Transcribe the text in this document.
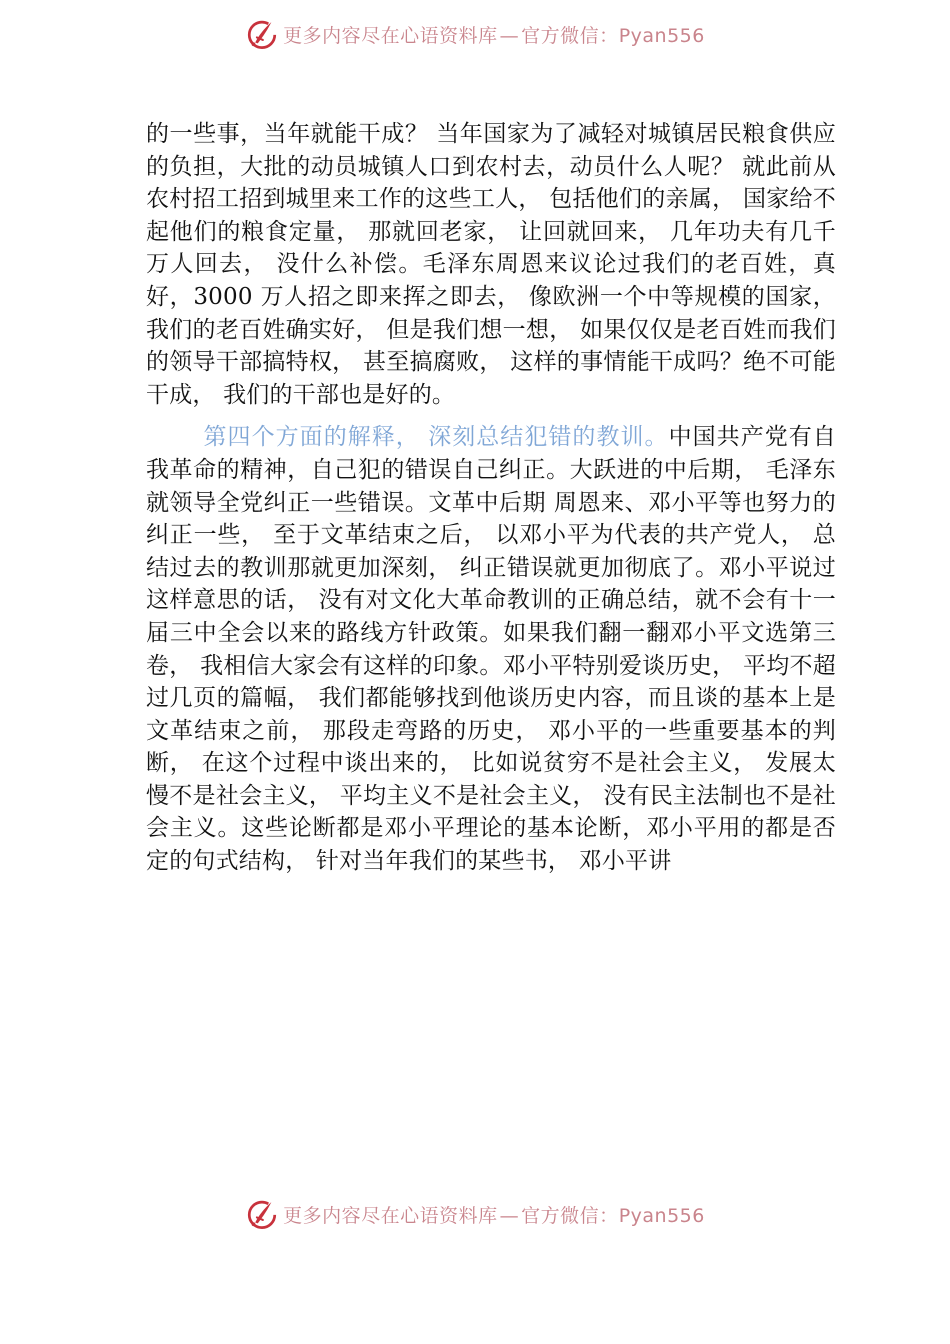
更多内容尽在心语资料库 — 官方微信：Pyan556

的一些事，当年就能干成？ 当年国家为了减轻对城镇居民粮食供应的负担，大批的动员城镇人口到农村去，动员什么人呢？ 就此前从农村招工招到城里来工作的这些工人， 包括他们的亲属， 国家给不起他们的粮食定量， 那就回老家， 让回就回来， 几年功夫有几千万人回去， 没什么补偿。毛泽东周恩来议论过我们的老百姓，真好，3000 万人招之即来挥之即去， 像欧洲一个中等规模的国家， 我们的老百姓确实好， 但是我们想一想， 如果仅仅是老百姓而我们的领导干部搞特权， 甚至搞腐败， 这样的事情能干成吗？绝不可能干成， 我们的干部也是好的。

第四个方面的解释， 深刻总结犯错的教训。中国共产党有自我革命的精神，自己犯的错误自己纠正。大跃进的中后期， 毛泽东就领导全党纠正一些错误。文革中后期 周恩来、邓小平等也努力的纠正一些， 至于文革结束之后， 以邓小平为代表的共产党人， 总结过去的教训那就更加深刻， 纠正错误就更加彻底了。邓小平说过这样意思的话， 没有对文化大革命教训的正确总结，就不会有十一届三中全会以来的路线方针政策。如果我们翻一翻邓小平文选第三卷， 我相信大家会有这样的印象。邓小平特别爱谈历史， 平均不超过几页的篇幅， 我们都能够找到他谈历史内容，而且谈的基本上是文革结束之前， 那段走弯路的历史， 邓小平的一些重要基本的判断， 在这个过程中谈出来的， 比如说贫穷不是社会主义， 发展太慢不是社会主义， 平均主义不是社会主义， 没有民主法制也不是社会主义。这些论断都是邓小平理论的基本论断，邓小平用的都是否定的句式结构， 针对当年我们的某些书， 邓小平讲

更多内容尽在心语资料库 — 官方微信：Pyan556
